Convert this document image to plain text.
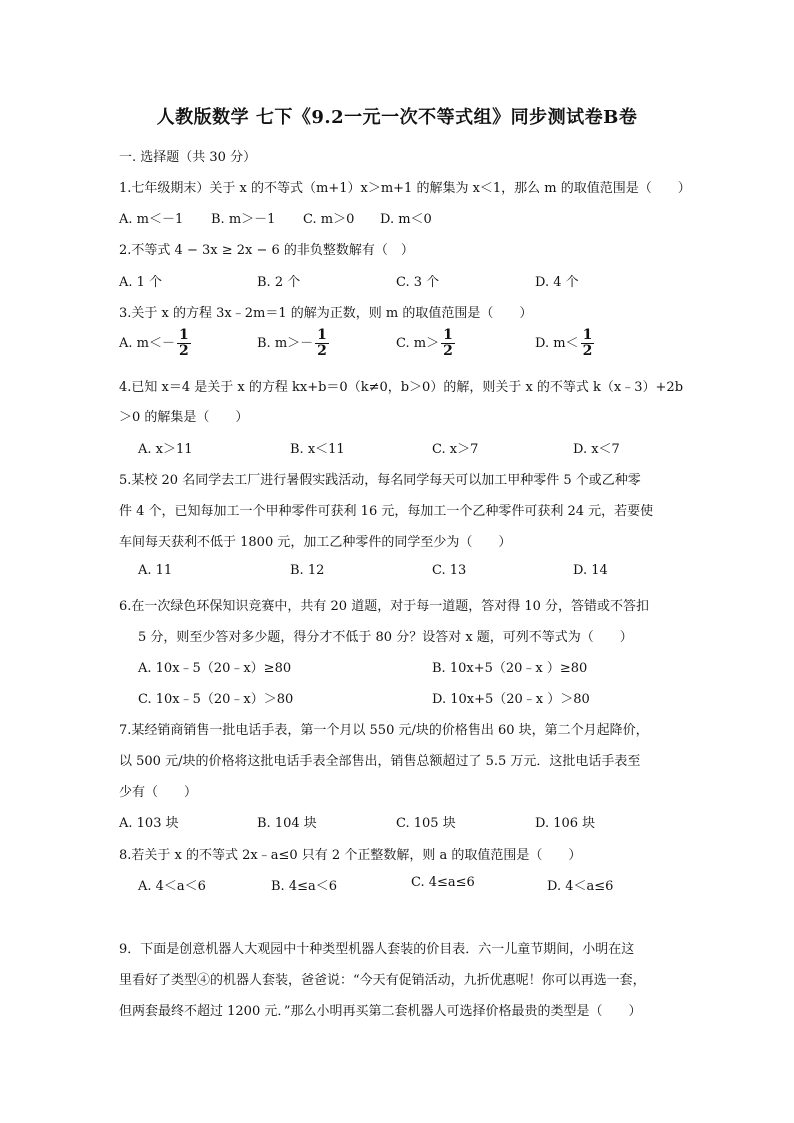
人教版数学 七下《9.2一元一次不等式组》同步测试卷B卷
一. 选择题（共 30 分）
1.七年级期末）关于 x 的不等式（m+1）x＞m+1 的解集为 x＜1，那么 m 的取值范围是（　　）
A. m＜－1 B. m＞－1 C. m＞0 D. m＜0
2.不等式 4 − 3x ≥ 2x − 6 的非负整数解有（　）
A. 1 个	B. 2 个	C. 3 个	D. 4 个
3.关于 x 的方程 3x﹣2m＝1 的解为正数，则 m 的取值范围是（　　）
A. $m<- \frac{1}{2}$	B. $m>- \frac{1}{2}$	C. $m> \frac{1}{2}$	D. $m< \frac{1}{2}$
4.已知 x＝4 是关于 x 的方程 kx+b＝0（k≠0，b＞0）的解，则关于 x 的不等式 k（x﹣3）+2b
＞0 的解集是（　　）
A. x＞11	B. x＜11	C. x＞7	D. x＜7
5.某校 20 名同学去工厂进行暑假实践活动，每名同学每天可以加工甲种零件 5 个或乙种零
件 4 个，已知每加工一个甲种零件可获利 16 元，每加工一个乙种零件可获利 24 元，若要使
车间每天获利不低于 1800 元，加工乙种零件的同学至少为（　　）
A. 11	B. 12	C. 13	D. 14
6.在一次绿色环保知识竞赛中，共有 20 道题，对于每一道题，答对得 10 分，答错或不答扣
5 分，则至少答对多少题，得分才不低于 80 分？设答对 x 题，可列不等式为（　　）
A. 10x﹣5（20﹣x）≥80	B. 10x+5（20﹣x ）≥80
C. 10x﹣5（20﹣x）＞80	D. 10x+5（20﹣x ）＞80
7.某经销商销售一批电话手表，第一个月以 550 元/块的价格售出 60 块，第二个月起降价，
以 500 元/块的价格将这批电话手表全部售出，销售总额超过了 5.5 万元．这批电话手表至
少有（　　）
A. 103 块	B. 104 块	C. 105 块	D. 106 块
8.若关于 x 的不等式 2x﹣a≤0 只有 2 个正整数解，则 a 的取值范围是（　　）
A. 4＜a＜6	B. 4≤a＜6	C. 4≤a≤6	D. 4＜a≤6
9．下面是创意机器人大观园中十种类型机器人套装的价目表．六一儿童节期间，小明在这
里看好了类型④的机器人套装，爸爸说：“今天有促销活动，九折优惠呢！你可以再选一套，
但两套最终不超过 1200 元．”那么小明再买第二套机器人可选择价格最贵的类型是（　　）
